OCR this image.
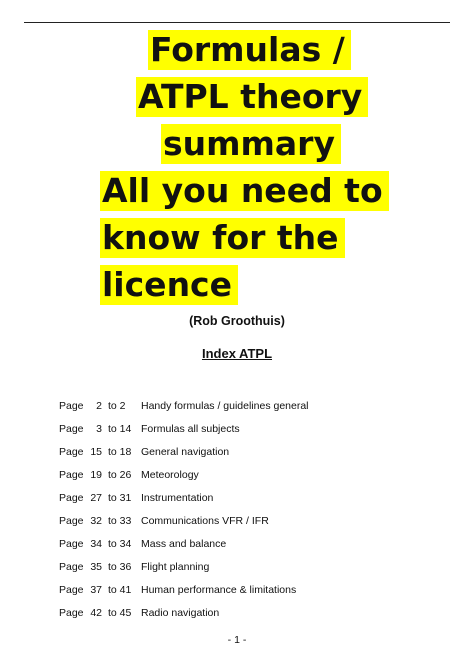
Formulas /
ATPL theory
summary
All you need to
know for the
licence
(Rob Groothuis)
Index ATPL
Page	2 to 2 Handy formulas / guidelines general
Page	3 to 14 Formulas all subjects
Page 15 to 18 General navigation
Page 19 to 26 Meteorology
Page 27 to 31 Instrumentation
Page 32 to 33 Communications VFR / IFR
Page 34 to 34 Mass and balance
Page 35 to 36 Flight planning
Page 37 to 41 Human performance & limitations
Page 42 to 45 Radio navigation
- 1 -
